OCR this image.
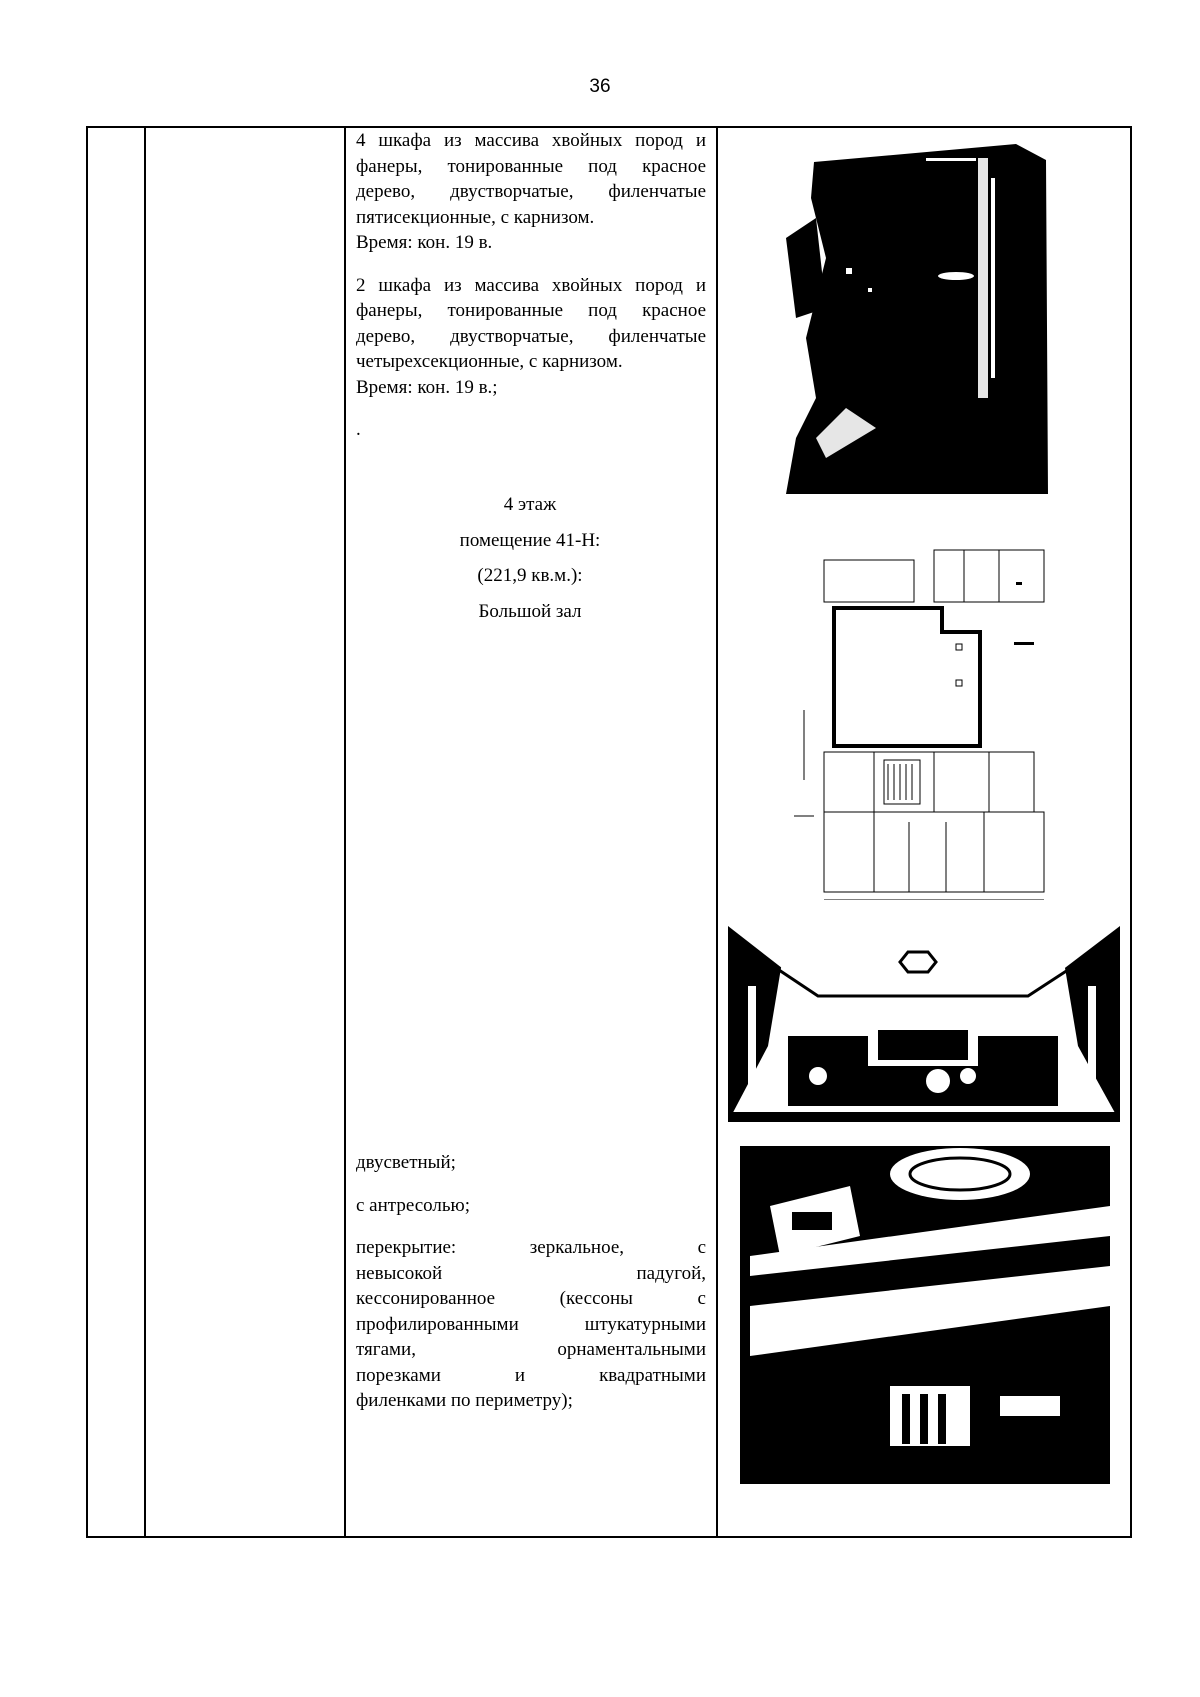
36

4 шкафа из массива хвойных пород и фанеры, тонированные под красное дерево, двустворчатые, филенчатые пятисекционные, с карнизом.

Время: кон. 19 в.

2 шкафа из массива хвойных пород и фанеры, тонированные под красное дерево, двустворчатые, филенчатые четырехсекционные, с карнизом.

Время: кон. 19 в.;

.

4 этаж

помещение 41-Н:

(221,9 кв.м.):

Большой зал

двусветный;

с антресолью;

перекрытие: зеркальное, с

невысокой падугой,

кессонированное (кессоны с

профилированными штукатурными

тягами, орнаментальными

порезками и квадратными

филенками по периметру);
